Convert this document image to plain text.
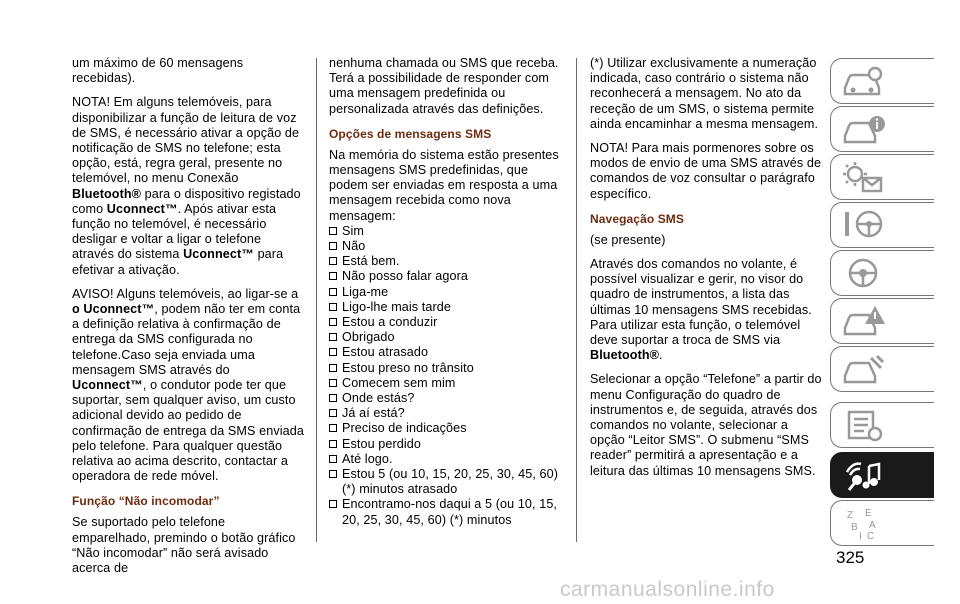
um máximo de 60 mensagens recebidas).

NOTA! Em alguns telemóveis, para disponibilizar a função de leitura de voz de SMS, é necessário ativar a opção de notificação de SMS no telefone; esta opção, está, regra geral, presente no telemóvel, no menu Conexão Bluetooth® para o dispositivo registado como Uconnect™. Após ativar esta função no telemóvel, é necessário desligar e voltar a ligar o telefone através do sistema Uconnect™ para efetivar a ativação.

AVISO! Alguns telemóveis, ao ligar-se a o Uconnect™, podem não ter em conta a definição relativa à confirmação de entrega da SMS configurada no telefone.Caso seja enviada uma mensagem SMS através do Uconnect™, o condutor pode ter que suportar, sem qualquer aviso, um custo adicional devido ao pedido de confirmação de entrega da SMS enviada pelo telefone. Para qualquer questão relativa ao acima descrito, contactar a operadora de rede móvel.

Função “Não incomodar”

Se suportado pelo telefone emparelhado, premindo o botão gráfico “Não incomodar” não será avisado acerca de

nenhuma chamada ou SMS que receba. Terá a possibilidade de responder com uma mensagem predefinida ou personalizada através das definições.
Opções de mensagens SMS
Na memória do sistema estão presentes mensagens SMS predefinidas, que podem ser enviadas em resposta a uma mensagem recebida como nova mensagem:
Sim
Não
Está bem.
Não posso falar agora
Liga-me
Ligo-lhe mais tarde
Estou a conduzir
Obrigado
Estou atrasado
Estou preso no trânsito
Comecem sem mim
Onde estás?
Já aí está?
Preciso de indicações
Estou perdido
Até logo.
Estou 5 (ou 10, 15, 20, 25, 30, 45, 60) (*) minutos atrasado
Encontramo-nos daqui a 5 (ou 10, 15, 20, 25, 30, 45, 60) (*) minutos

(*) Utilizar exclusivamente a numeração indicada, caso contrário o sistema não reconhecerá a mensagem. No ato da receção de um SMS, o sistema permite ainda encaminhar a mesma mensagem.

NOTA! Para mais pormenores sobre os modos de envio de uma SMS através de comandos de voz consultar o parágrafo específico.

Navegação SMS

(se presente)

Através dos comandos no volante, é possível visualizar e gerir, no visor do quadro de instrumentos, a lista das últimas 10 mensagens SMS recebidas. Para utilizar esta função, o telemóvel deve suportar a troca de SMS via Bluetooth®.

Selecionar a opção “Telefone” a partir do menu Configuração do quadro de instrumentos e, de seguida, através dos comandos no volante, selecionar a opção “Leitor SMS”. O submenu “SMS reader” permitirá a apresentação e a leitura das últimas 10 mensagens SMS.

Z E
B A
I C
325
carmanualsonline.info
